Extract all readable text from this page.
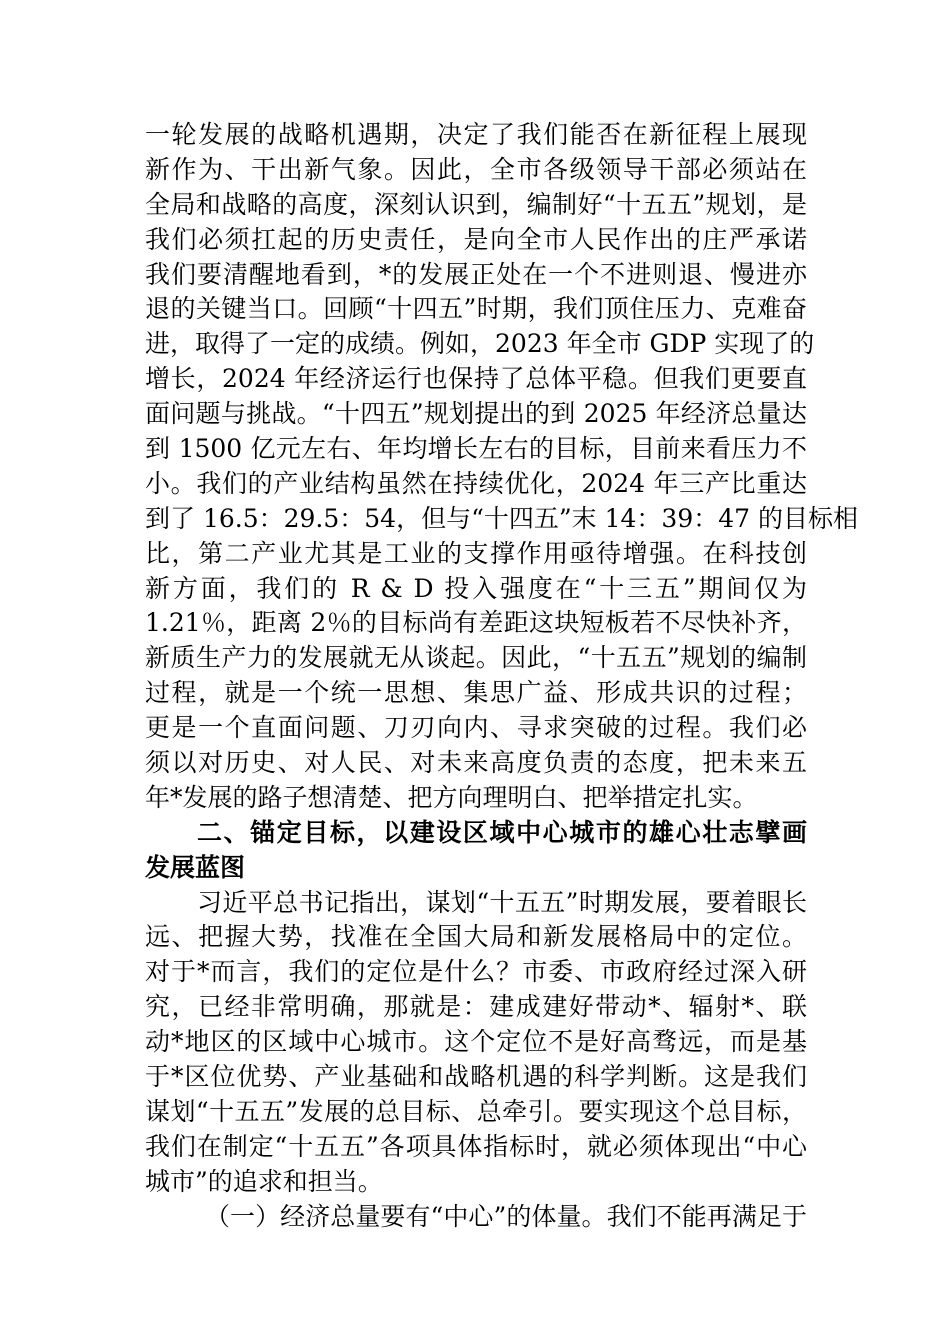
一轮发展的战略机遇期，决定了我们能否在新征程上展现
新作为、干出新气象。因此，全市各级领导干部必须站在
全局和战略的高度，深刻认识到，编制好“十五五”规划，是
我们必须扛起的历史责任，是向全市人民作出的庄严承诺
我们要清醒地看到，*的发展正处在一个不进则退、慢进亦
退的关键当口。回顾“十四五”时期，我们顶住压力、克难奋
进，取得了一定的成绩。例如，2023 年全市 GDP 实现了的
增长，2024 年经济运行也保持了总体平稳。但我们更要直
面问题与挑战。“十四五”规划提出的到 2025 年经济总量达
到 1500 亿元左右、年均增长左右的目标，目前来看压力不
小。我们的产业结构虽然在持续优化，2024 年三产比重达
到了 16.5：29.5：54，但与“十四五”末 14：39：47 的目标相
比，第二产业尤其是工业的支撑作用亟待增强。在科技创
新方面，我们的 R & D 投入强度在“十三五”期间仅为
1.21％，距离 2％的目标尚有差距这块短板若不尽快补齐，
新质生产力的发展就无从谈起。因此，“十五五”规划的编制
过程，就是一个统一思想、集思广益、形成共识的过程；
更是一个直面问题、刀刃向内、寻求突破的过程。我们必
须以对历史、对人民、对未来高度负责的态度，把未来五
年*发展的路子想清楚、把方向理明白、把举措定扎实。
二、锚定目标，以建设区域中心城市的雄心壮志擘画
发展蓝图
习近平总书记指出，谋划“十五五”时期发展，要着眼长
远、把握大势，找准在全国大局和新发展格局中的定位。
对于*而言，我们的定位是什么？市委、市政府经过深入研
究，已经非常明确，那就是：建成建好带动*、辐射*、联
动*地区的区域中心城市。这个定位不是好高骛远，而是基
于*区位优势、产业基础和战略机遇的科学判断。这是我们
谋划“十五五”发展的总目标、总牵引。要实现这个总目标，
我们在制定“十五五”各项具体指标时，就必须体现出“中心
城市”的追求和担当。
（一）经济总量要有“中心”的体量。我们不能再满足于
